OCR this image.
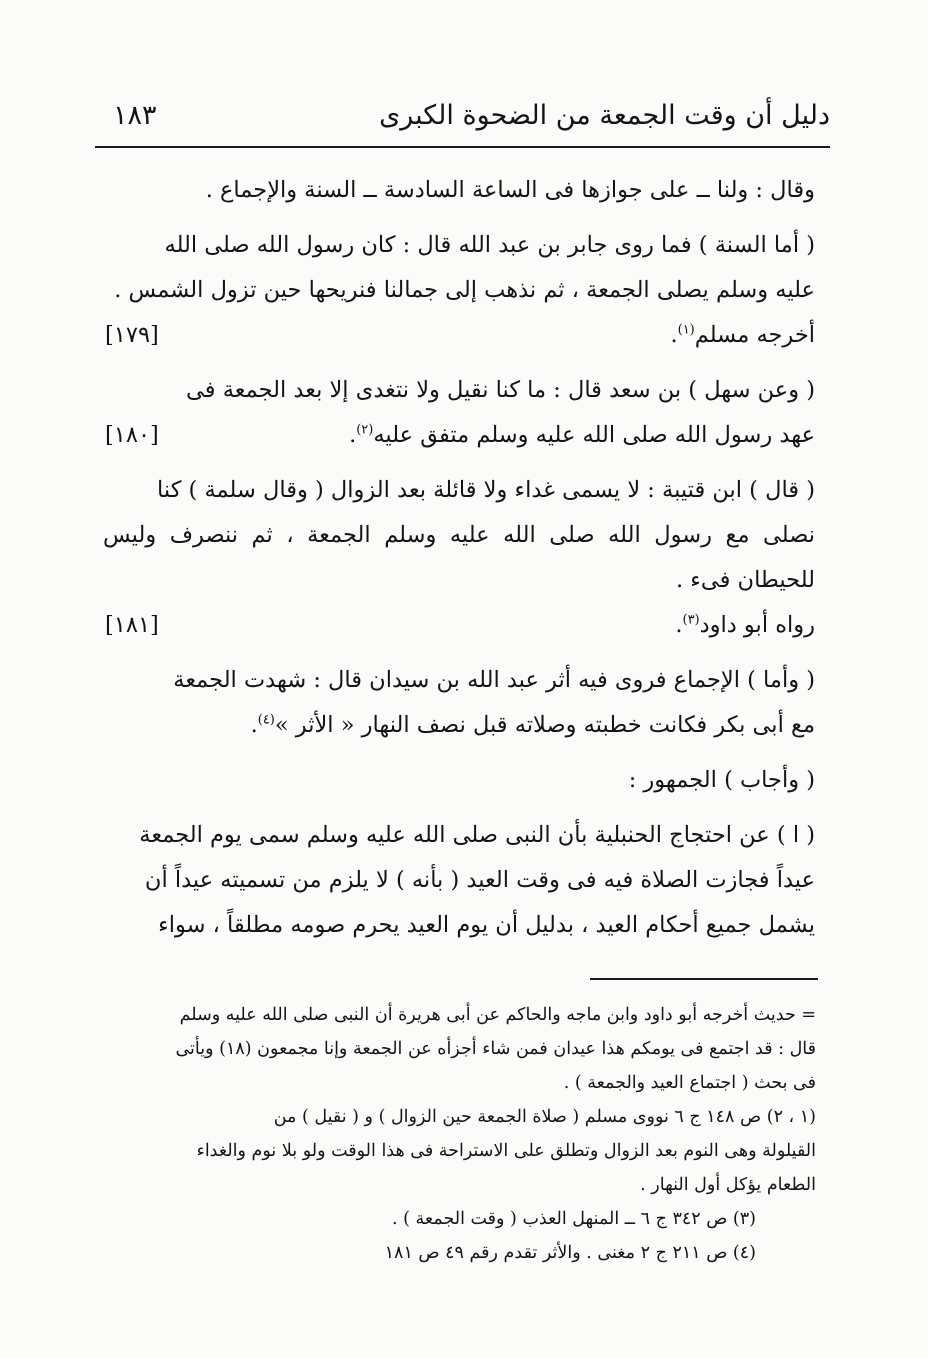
دليل أن وقت الجمعة من الضحوة الكبرى
١٨٣

وقال : ولنا ــ على جوازها فى الساعة السادسة ــ السنة والإجماع .

( أما السنة ) فما روى جابر بن عبد الله قال : كان رسول الله صلى الله

عليه وسلم يصلى الجمعة ، ثم نذهب إلى جمالنا فنريحها حين تزول الشمس .

أخرجه مسلم$^{(١)}$.
[١٧٩]

( وعن سهل ) بن سعد قال : ما كنا نقيل ولا نتغدى إلا بعد الجمعة فى

عهد رسول الله صلى الله عليه وسلم متفق عليه$^{(٢)}$.
[١٨٠]

( قال ) ابن قتيبة : لا يسمى غداء ولا قائلة بعد الزوال ( وقال سلمة ) كنا

نصلى مع رسول الله صلى الله عليه وسلم الجمعة ، ثم ننصرف وليس للحيطان فىء .

رواه أبو داود$^{(٣)}$.
[١٨١]

( وأما ) الإجماع فروى فيه أثر عبد الله بن سيدان قال : شهدت الجمعة

مع أبى بكر فكانت خطبته وصلاته قبل نصف النهار « الأثر »$^{(٤)}$.

( وأجاب ) الجمهور :

( ا ) عن احتجاج الحنبلية بأن النبى صلى الله عليه وسلم سمى يوم الجمعة

عيداً فجازت الصلاة فيه فى وقت العيد ( بأنه ) لا يلزم من تسميته عيداً أن

يشمل جميع أحكام العيد ، بدليل أن يوم العيد يحرم صومه مطلقاً ، سواء

= حديث أخرجه أبو داود وابن ماجه والحاكم عن أبى هريرة أن النبى صلى الله عليه وسلم

قال : قد اجتمع فى يومكم هذا عيدان فمن شاء أجزأه عن الجمعة وإنا مجمعون (١٨) ويأتى

فى بحث ( اجتماع العيد والجمعة ) .

(١ ، ٢) ص ١٤٨ ج ٦ نووى مسلم ( صلاة الجمعة حين الزوال ) و ( نقيل ) من

القيلولة وهى النوم بعد الزوال وتطلق على الاستراحة فى هذا الوقت ولو بلا نوم والغداء

الطعام يؤكل أول النهار .

(٣) ص ٣٤٢ ج ٦ ــ المنهل العذب ( وقت الجمعة ) .

(٤) ص ٢١١ ج ٢ مغنى . والأثر تقدم رقم ٤٩ ص ١٨١
